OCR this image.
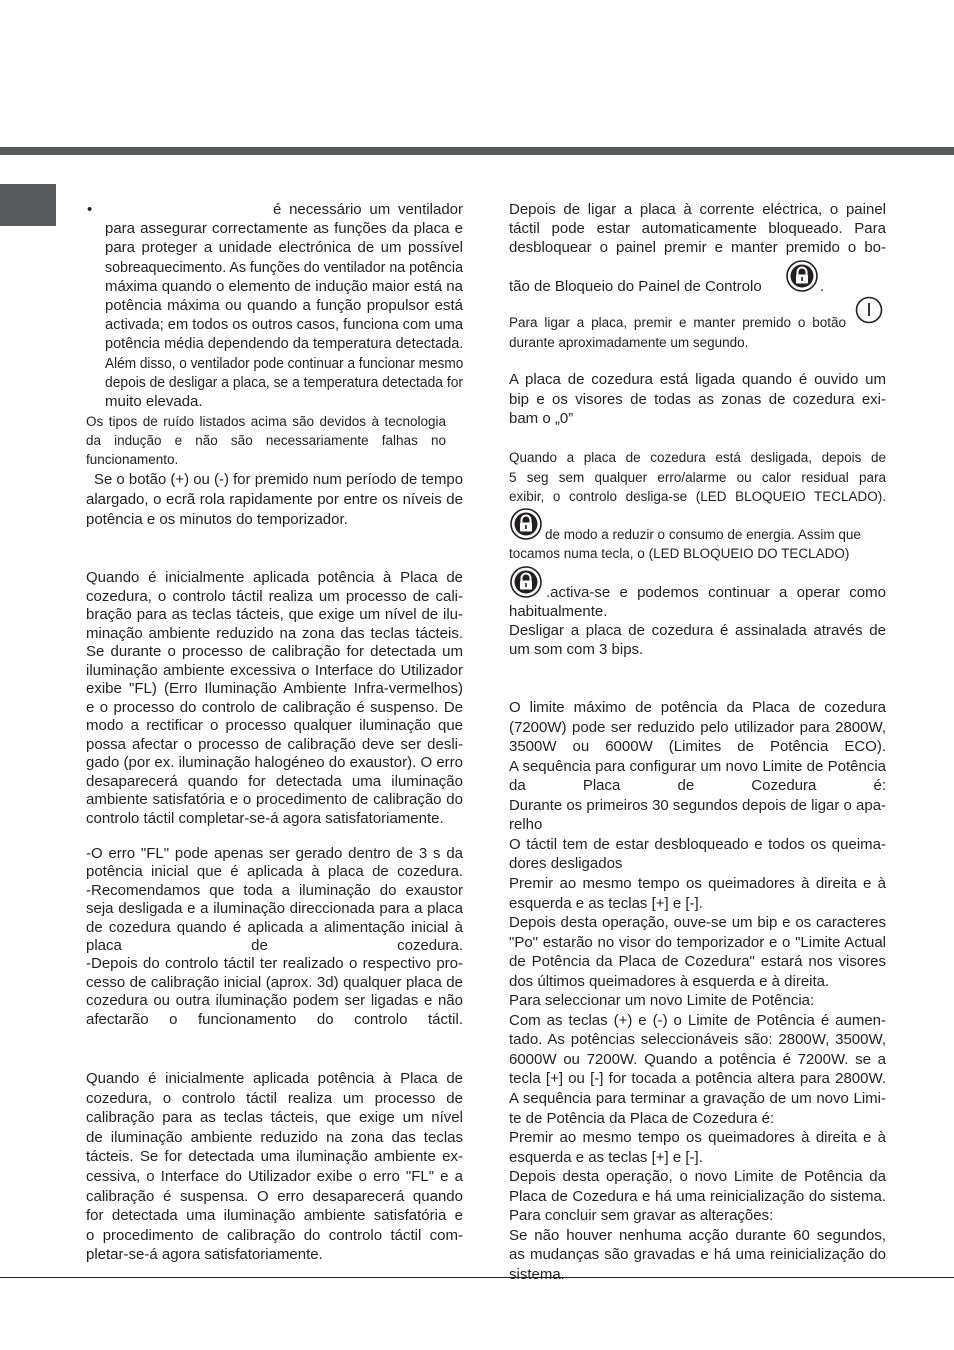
•	é necessário um ventilador
para assegurar correctamente as funções da placa e
para proteger a unidade electrónica de um possível
sobreaquecimento. As funções do ventilador na potência
máxima quando o elemento de indução maior está na
potência máxima ou quando a função propulsor está
activada; em todos os outros casos, funciona com uma
potência média dependendo da temperatura detectada.
Além disso, o ventilador pode continuar a funcionar mesmo
depois de desligar a placa, se a temperatura detectada for
muito elevada.
Os tipos de ruído listados acima são devidos à tecnologia
da indução e não são necessariamente falhas no
funcionamento.
Se o botão (+) ou (-) for premido num período de tempo
alargado, o ecrã rola rapidamente por entre os níveis de
potência e os minutos do temporizador.
Quando é inicialmente aplicada potência à Placa de
cozedura, o controlo táctil realiza um processo de cali-
bração para as teclas tácteis, que exige um nível de ilu-
minação ambiente reduzido na zona das teclas tácteis.
Se durante o processo de calibração for detectada um
iluminação ambiente excessiva o Interface do Utilizador
exibe "FL) (Erro Iluminação Ambiente Infra-vermelhos)
e o processo do controlo de calibração é suspenso. De
modo a rectificar o processo qualquer iluminação que
possa afectar o processo de calibração deve ser desli-
gado (por ex. iluminação halogéneo do exaustor). O erro
desaparecerá quando for detectada uma iluminação
ambiente satisfatória e o procedimento de calibração do
controlo táctil completar-se-á agora satisfatoriamente.
-O erro "FL" pode apenas ser gerado dentro de 3 s da
potência inicial que é aplicada à placa de cozedura.
-Recomendamos que toda a iluminação do exaustor
seja desligada e a iluminação direccionada para a placa
de cozedura quando é aplicada a alimentação inicial à
placa de cozedura.
-Depois do controlo táctil ter realizado o respectivo pro-
cesso de calibração inicial (aprox. 3d) qualquer placa de
cozedura ou outra iluminação podem ser ligadas e não
afectarão o funcionamento do controlo táctil.
Quando é inicialmente aplicada potência à Placa de
cozedura, o controlo táctil realiza um processo de
calibração para as teclas tácteis, que exige um nível
de iluminação ambiente reduzido na zona das teclas
tácteis. Se for detectada uma iluminação ambiente ex-
cessiva, o Interface do Utilizador exibe o erro "FL" e a
calibração é suspensa. O erro desaparecerá quando
for detectada uma iluminação ambiente satisfatória e
o procedimento de calibração do controlo táctil com-
pletar-se-á agora satisfatoriamente.
Depois de ligar a placa à corrente eléctrica, o painel
táctil pode estar automaticamente bloqueado. Para
desbloquear o painel premir e manter premido o bo-
tão de Bloqueio do Painel de Controlo	.
Para ligar a placa, premir e manter premido o botão
durante aproximadamente um segundo.
A placa de cozedura está ligada quando é ouvido um
bip e os visores de todas as zonas de cozedura exi-
bam o „0”
Quando a placa de cozedura está desligada, depois de
5 seg sem qualquer erro/alarme ou calor residual para
exibir, o controlo desliga-se (LED BLOQUEIO TECLADO).
de modo a reduzir o consumo de energia. Assim que
tocamos numa tecla, o (LED BLOQUEIO DO TECLADO)
.activa-se e podemos continuar a operar como
habitualmente.
Desligar a placa de cozedura é assinalada através de
um som com 3 bips.
O limite máximo de potência da Placa de cozedura
(7200W) pode ser reduzido pelo utilizador para 2800W,
3500W ou 6000W (Limites de Potência ECO).
A sequência para configurar um novo Limite de Potência
da Placa de Cozedura é:
Durante os primeiros 30 segundos depois de ligar o apa-
relho
O táctil tem de estar desbloqueado e todos os queima-
dores desligados
Premir ao mesmo tempo os queimadores à direita e à
esquerda e as teclas [+] e [-].
Depois desta operação, ouve-se um bip e os caracteres
"Po" estarão no visor do temporizador e o "Limite Actual
de Potência da Placa de Cozedura" estará nos visores
dos últimos queimadores à esquerda e à direita.
Para seleccionar um novo Limite de Potência:
Com as teclas (+) e (-) o Limite de Potência é aumen-
tado. As potências seleccionáveis são: 2800W, 3500W,
6000W ou 7200W. Quando a potência é 7200W. se a
tecla [+] ou [-] for tocada a potência altera para 2800W.
A sequência para terminar a gravação de um novo Limi-
te de Potência da Placa de Cozedura é:
Premir ao mesmo tempo os queimadores à direita e à
esquerda e as teclas [+] e [-].
Depois desta operação, o novo Limite de Potência da
Placa de Cozedura e há uma reinicialização do sistema.
Para concluir sem gravar as alterações:
Se não houver nenhuma acção durante 60 segundos,
as mudanças são gravadas e há uma reinicialização do
sistema.
